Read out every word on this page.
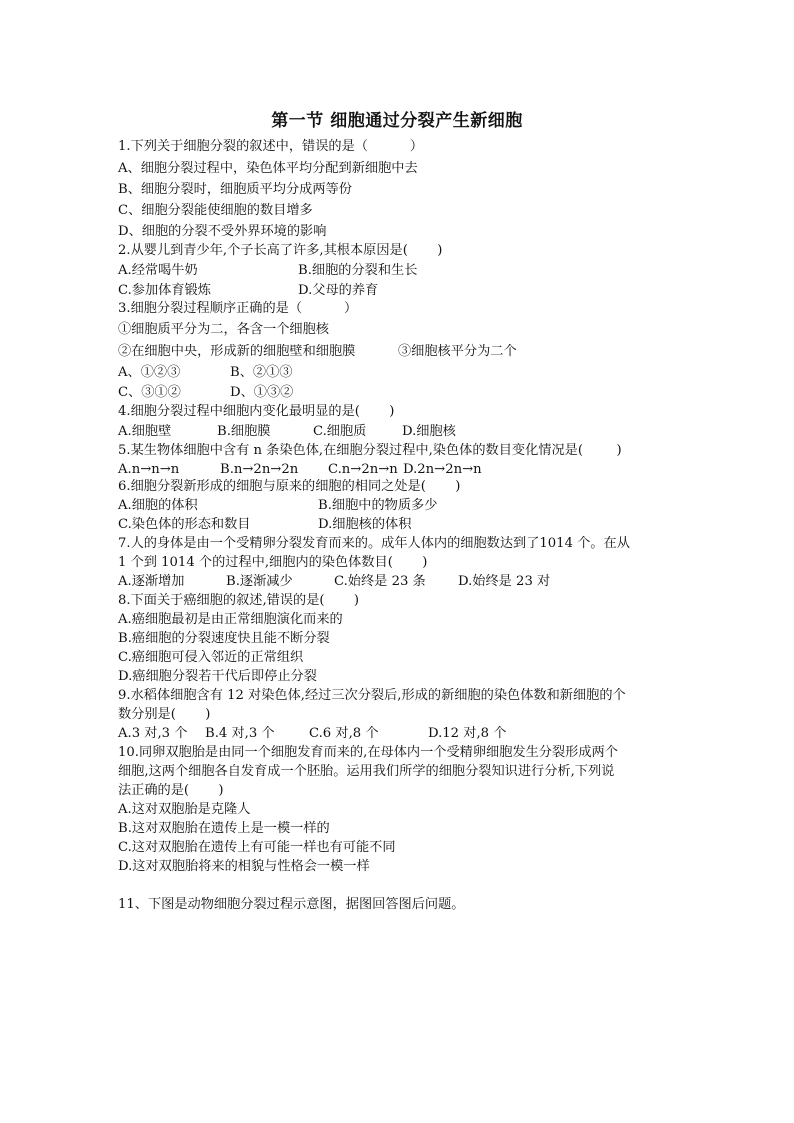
第一节 细胞通过分裂产生新细胞
1.下列关于细胞分裂的叙述中，错误的是（          ）
A、细胞分裂过程中，染色体平均分配到新细胞中去
B、细胞分裂时，细胞质平均分成两等份
C、细胞分裂能使细胞的数目增多
D、细胞的分裂不受外界环境的影响
2.从婴儿到青少年,个子长高了许多,其根本原因是(       )
A.经常喝牛奶	B.细胞的分裂和生长
C.参加体育锻炼	D.父母的养育
3.细胞分裂过程顺序正确的是（          ）
①细胞质平分为二，各含一个细胞核
②在细胞中央，形成新的细胞壁和细胞膜	③细胞核平分为二个
A、①②③	B、②①③
C、③①②	D、①③②
4.细胞分裂过程中细胞内变化最明显的是(       )
A.细胞壁	B.细胞膜	C.细胞质	D.细胞核
5.某生物体细胞中含有 n 条染色体,在细胞分裂过程中,染色体的数目变化情况是(        )
A.n→n→n	B.n→2n→2n C.n→2n→n D.2n→2n→n
6.细胞分裂新形成的细胞与原来的细胞的相同之处是(       )
A.细胞的体积	B.细胞中的物质多少
C.染色体的形态和数目	D.细胞核的体积
7.人的身体是由一个受精卵分裂发育而来的。成年人体内的细胞数达到了1014 个。在从
1 个到 1014 个的过程中,细胞内的染色体数目(       )
A.逐渐增加	B.逐渐减少	C.始终是 23 条 D.始终是 23 对
8.下面关于癌细胞的叙述,错误的是(       )
A.癌细胞最初是由正常细胞演化而来的
B.癌细胞的分裂速度快且能不断分裂
C.癌细胞可侵入邻近的正常组织
D.癌细胞分裂若干代后即停止分裂
9.水稻体细胞含有 12 对染色体,经过三次分裂后,形成的新细胞的染色体数和新细胞的个
数分别是(       )
A.3 对,3 个 B.4 对,3 个	C.6 对,8 个	D.12 对,8 个
10.同卵双胞胎是由同一个细胞发育而来的,在母体内一个受精卵细胞发生分裂形成两个
细胞,这两个细胞各自发育成一个胚胎。运用我们所学的细胞分裂知识进行分析,下列说
法正确的是(       )
A.这对双胞胎是克隆人
B.这对双胞胎在遗传上是一模一样的
C.这对双胞胎在遗传上有可能一样也有可能不同
D.这对双胞胎将来的相貌与性格会一模一样
11、下图是动物细胞分裂过程示意图，据图回答图后问题。
